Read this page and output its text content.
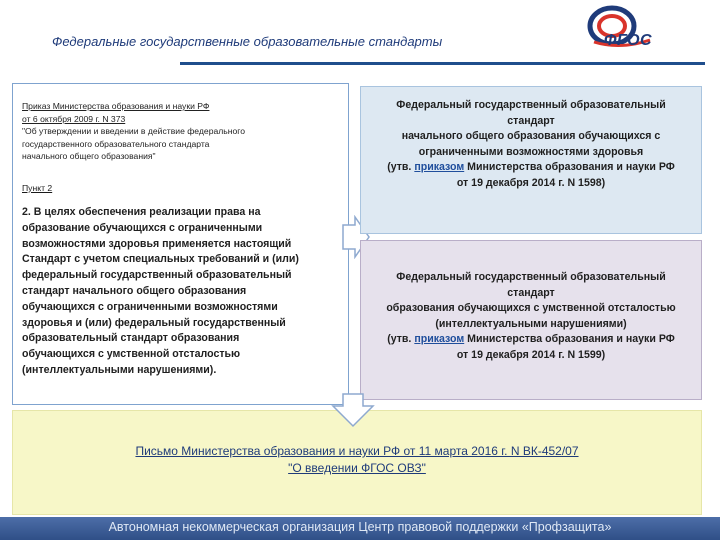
Федеральные государственные образовательные стандарты	ФГОС
Приказ Министерства образования и науки РФ
от 6 октября 2009 г. N 373
"Об утверждении и введении в действие федерального
государственного образовательного стандарта
начального общего образования"
Пункт 2
2. В целях обеспечения реализации права на
образование обучающихся с ограниченными
возможностями здоровья применяется настоящий
Стандарт с учетом специальных требований и (или)
федеральный государственный образовательный
стандарт начального общего образования
обучающихся с ограниченными возможностями
здоровья и (или) федеральный государственный
образовательный стандарт образования
обучающихся с умственной отсталостью
(интеллектуальными нарушениями).
Федеральный государственный образовательный
стандарт
начального общего образования обучающихся с
ограниченными возможностями здоровья
(утв. приказом Министерства образования и науки РФ
от 19 декабря 2014 г. N 1598)
Федеральный государственный образовательный
стандарт
образования обучающихся с умственной отсталостью
(интеллектуальными нарушениями)
(утв. приказом Министерства образования и науки РФ
от 19 декабря 2014 г. N 1599)
Письмо Министерства образования и науки РФ от 11 марта 2016 г. N ВК-452/07
"О введении ФГОС ОВЗ"
Автономная некоммерческая организация Центр правовой поддержки «Профзащита»
